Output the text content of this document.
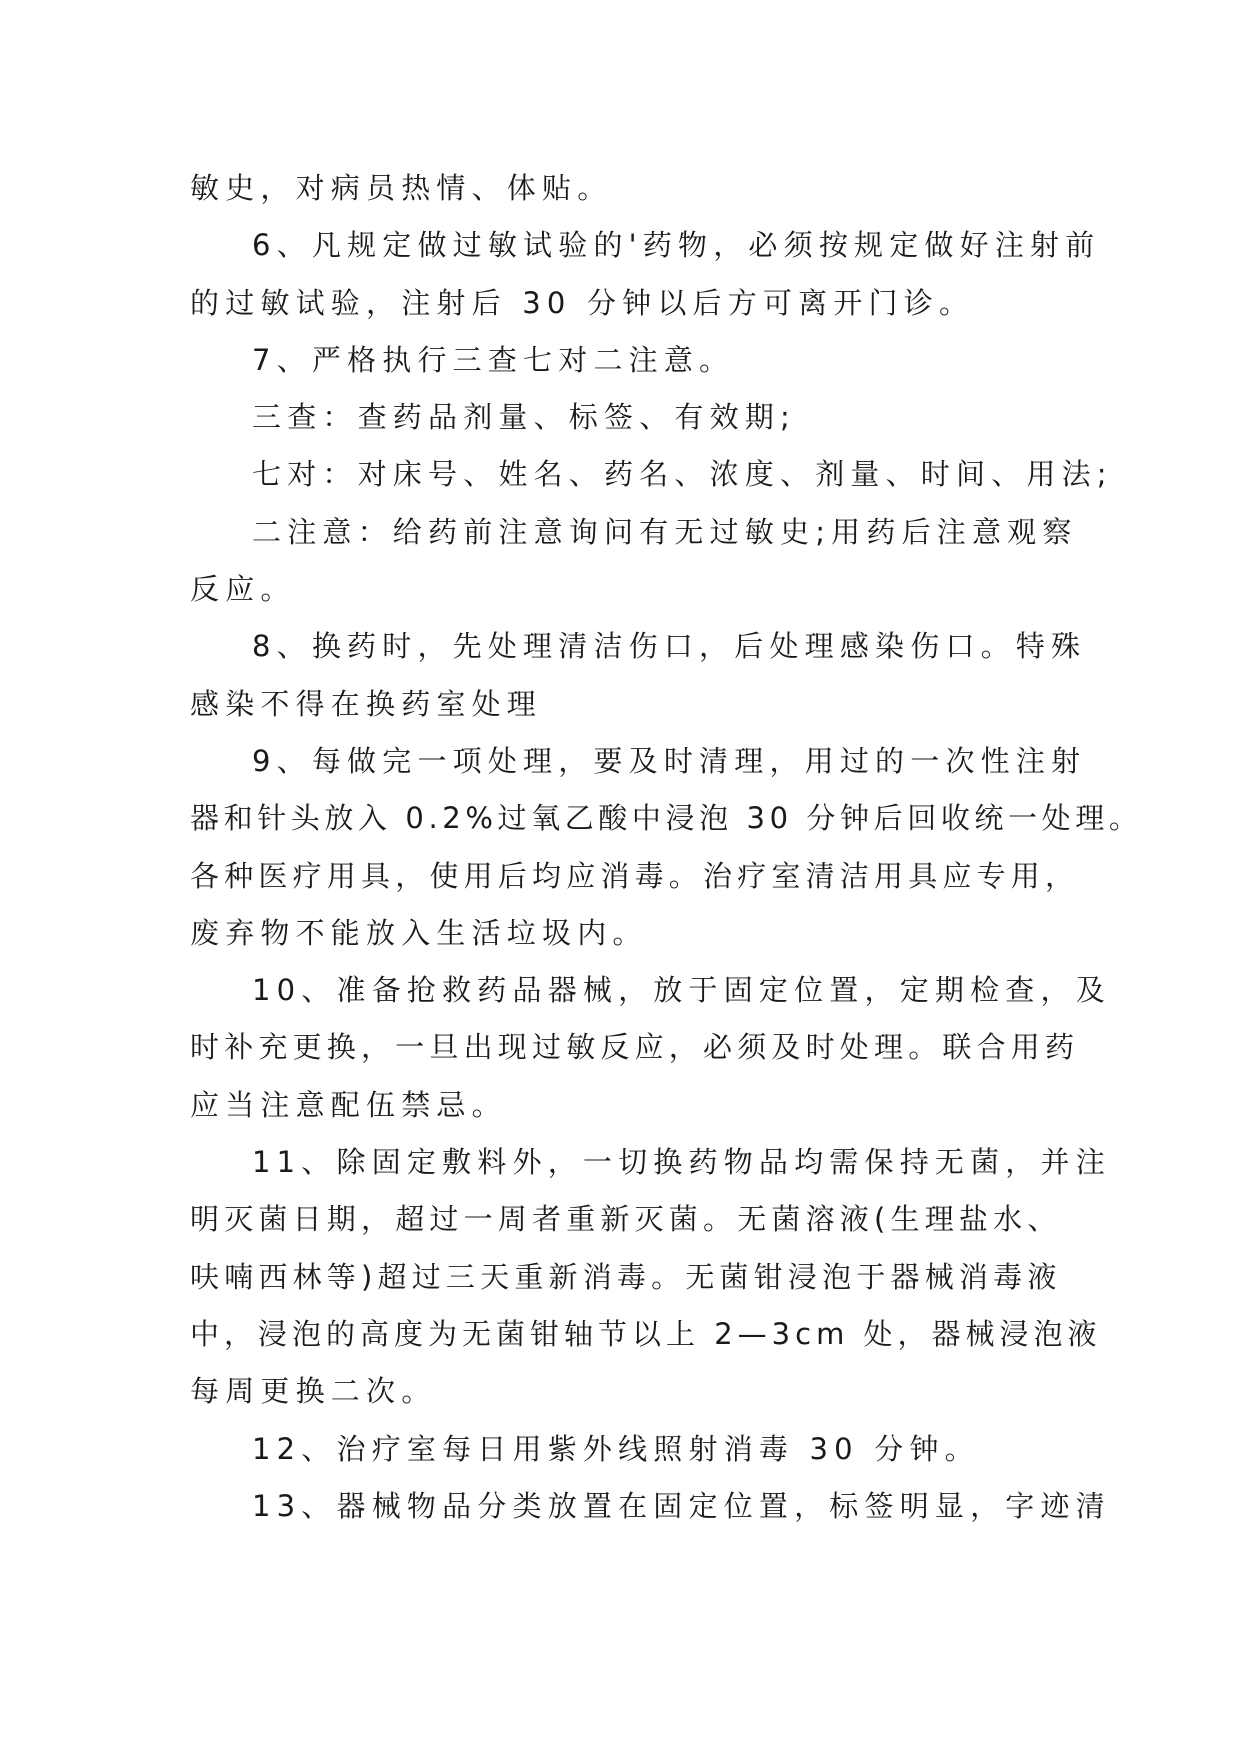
敏史，对病员热情、体贴。

6、凡规定做过敏试验的'药物，必须按规定做好注射前

的过敏试验，注射后 30 分钟以后方可离开门诊。

7、严格执行三查七对二注意。

三查：查药品剂量、标签、有效期;

七对：对床号、姓名、药名、浓度、剂量、时间、用法;

二注意：给药前注意询问有无过敏史;用药后注意观察

反应。

8、换药时，先处理清洁伤口，后处理感染伤口。特殊

感染不得在换药室处理

9、每做完一项处理，要及时清理，用过的一次性注射

器和针头放入 0.2%过氧乙酸中浸泡 30 分钟后回收统一处理。

各种医疗用具，使用后均应消毒。治疗室清洁用具应专用，

废弃物不能放入生活垃圾内。

10、准备抢救药品器械，放于固定位置，定期检查，及

时补充更换，一旦出现过敏反应，必须及时处理。联合用药

应当注意配伍禁忌。

11、除固定敷料外，一切换药物品均需保持无菌，并注

明灭菌日期，超过一周者重新灭菌。无菌溶液(生理盐水、

呋喃西林等)超过三天重新消毒。无菌钳浸泡于器械消毒液

中，浸泡的高度为无菌钳轴节以上 2—3cm 处，器械浸泡液

每周更换二次。

12、治疗室每日用紫外线照射消毒 30 分钟。

13、器械物品分类放置在固定位置，标签明显，字迹清
